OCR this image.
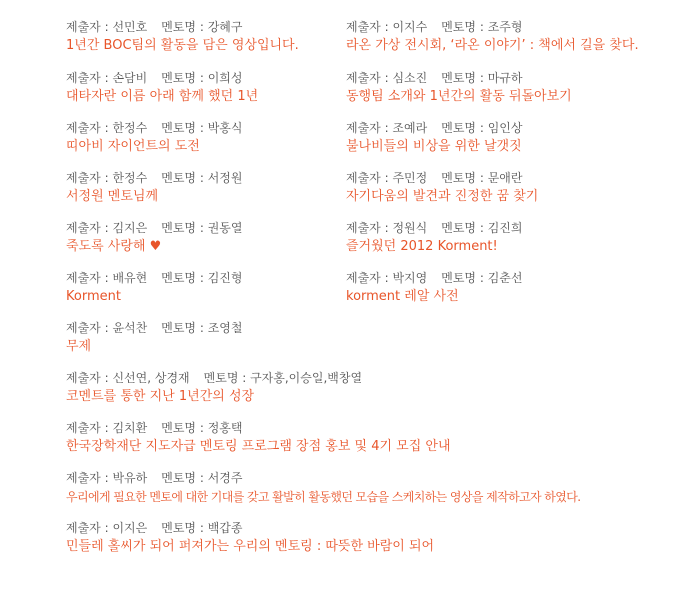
제출자 : 선민호 멘토명 : 강혜구
1년간 BOC팀의 활동을 담은 영상입니다.
제출자 : 이지수 멘토명 : 조주형
라온 가상 전시회, ‘라온 이야기’ : 책에서 길을 찾다.
제출자 : 손담비 멘토명 : 이희성
대타자란 이름 아래 함께 했던 1년
제출자 : 심소진 멘토명 : 마규하
동행팀 소개와 1년간의 활동 뒤돌아보기
제출자 : 한정수 멘토명 : 박홍식
띠아비 자이언트의 도전
제출자 : 조예라 멘토명 : 임인상
불나비들의 비상을 위한 날갯짓
제출자 : 한정수 멘토명 : 서정원
서정원 멘토님께
제출자 : 주민정 멘토명 : 문애란
자기다움의 발견과 진정한 꿈 찾기
제출자 : 김지은 멘토명 : 권동열
죽도록 사랑해 ♥
제출자 : 정원식 멘토명 : 김진희
즐거웠던 2012 Korment!
제출자 : 배유현 멘토명 : 김진형
Korment
제출자 : 박지영 멘토명 : 김춘선
korment 레알 사전
제출자 : 윤석찬 멘토명 : 조영철
무제
제출자 : 신선연, 상경재 멘토명 : 구자홍,이승일,백창열
코멘트를 통한 지난 1년간의 성장
제출자 : 김치환 멘토명 : 정홍택
한국장학재단 지도자급 멘토링 프로그램 장점 홍보 및 4기 모집 안내
제출자 : 박유하 멘토명 : 서경주
우리에게 필요한 멘토에 대한 기대를 갖고 활발히 활동했던 모습을 스케치하는 영상을 제작하고자 하였다.
제출자 : 이지은 멘토명 : 백갑종
민들레 홀씨가 되어 퍼져가는 우리의 멘토링 : 따뜻한 바람이 되어
